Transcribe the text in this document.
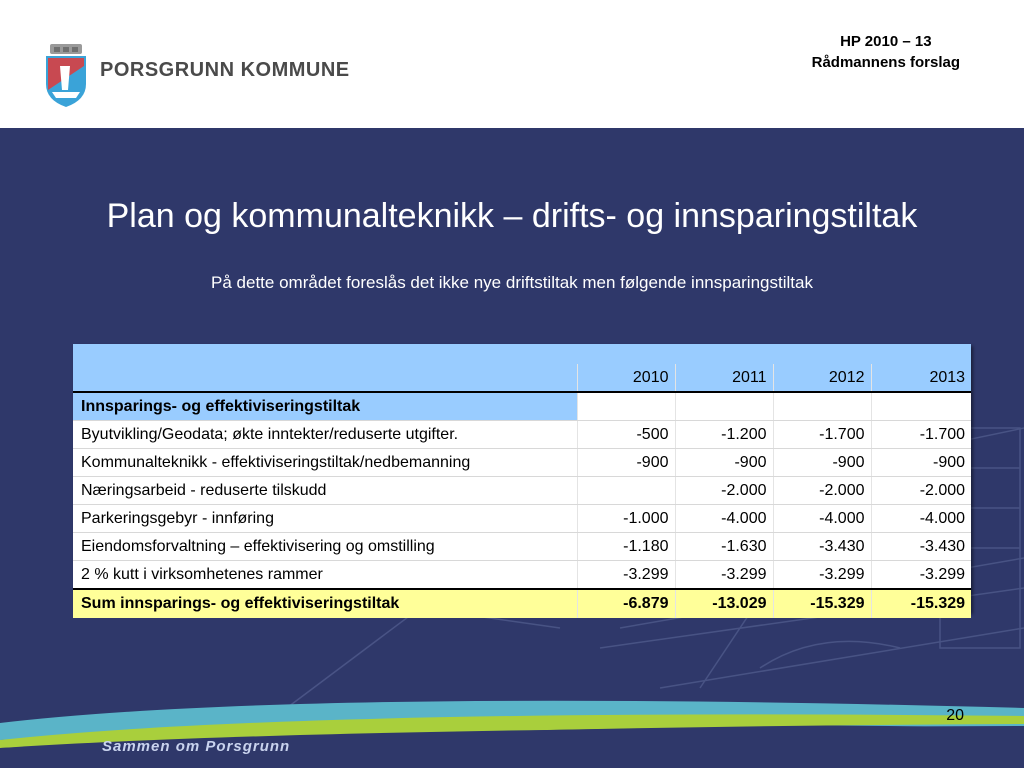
PORSGRUNN KOMMUNE
HP 2010 – 13
Rådmannens forslag
Plan og kommunalteknikk – drifts- og innsparingstiltak
På dette området foreslås det ikke nye driftstiltak men følgende innsparingstiltak

	2010	2011	2012	2013
Innsparings- og effektiviseringstiltak				
Byutvikling/Geodata; økte inntekter/reduserte utgifter.	-500	-1.200	-1.700	-1.700
Kommunalteknikk - effektiviseringstiltak/nedbemanning	-900	-900	-900	-900
Næringsarbeid - reduserte tilskudd		-2.000	-2.000	-2.000
Parkeringsgebyr - innføring	-1.000	-4.000	-4.000	-4.000
Eiendomsforvaltning – effektivisering og omstilling	-1.180	-1.630	-3.430	-3.430
2 % kutt i virksomhetenes rammer	-3.299	-3.299	-3.299	-3.299
Sum innsparings- og effektiviseringstiltak	-6.879	-13.029	-15.329	-15.329
20
Sammen om Porsgrunn
